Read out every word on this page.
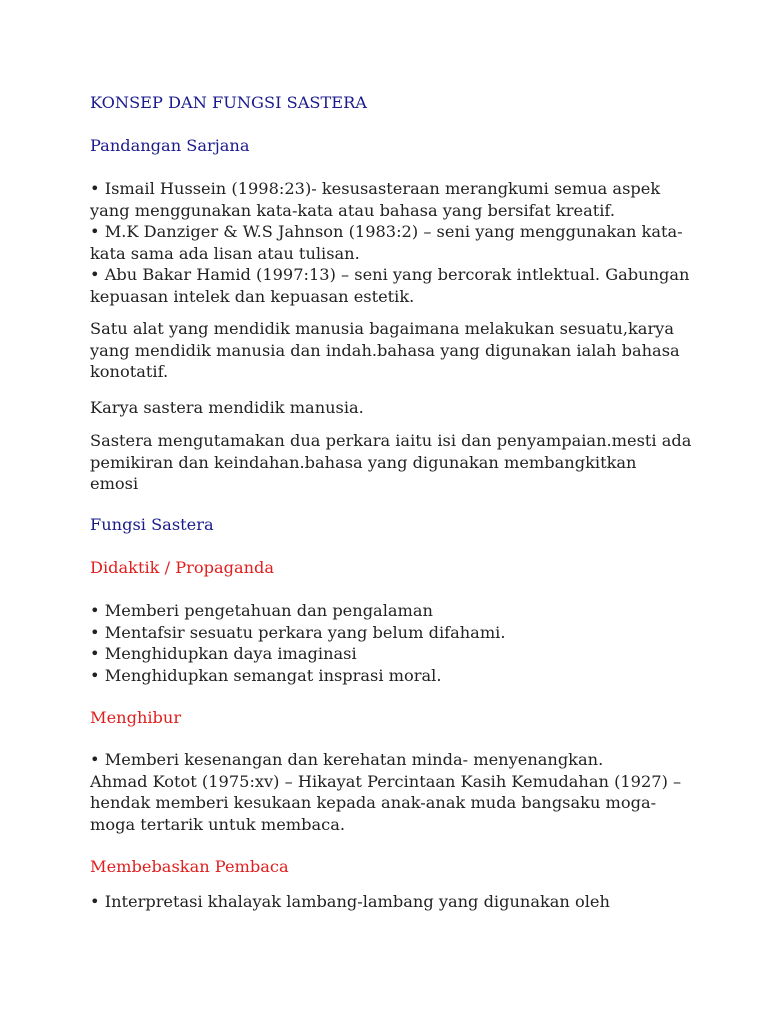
KONSEP DAN FUNGSI SASTERA
Pandangan Sarjana
• Ismail Hussein (1998:23)- kesusasteraan merangkumi semua aspek
yang menggunakan kata-kata atau bahasa yang bersifat kreatif.
• M.K Danziger & W.S Jahnson (1983:2) – seni yang menggunakan kata-
kata sama ada lisan atau tulisan.
• Abu Bakar Hamid (1997:13) – seni yang bercorak intlektual. Gabungan
kepuasan intelek dan kepuasan estetik.
Satu alat yang mendidik manusia bagaimana melakukan sesuatu,karya
yang mendidik manusia dan indah.bahasa yang digunakan ialah bahasa
konotatif.
Karya sastera mendidik manusia.
Sastera mengutamakan dua perkara iaitu isi dan penyampaian.mesti ada
pemikiran dan keindahan.bahasa yang digunakan membangkitkan
emosi
Fungsi Sastera
Didaktik / Propaganda
• Memberi pengetahuan dan pengalaman
• Mentafsir sesuatu perkara yang belum difahami.
• Menghidupkan daya imaginasi
• Menghidupkan semangat insprasi moral.
Menghibur
• Memberi kesenangan dan kerehatan minda- menyenangkan.
Ahmad Kotot (1975:xv) – Hikayat Percintaan Kasih Kemudahan (1927) –
hendak memberi kesukaan kepada anak-anak muda bangsaku moga-
moga tertarik untuk membaca.
Membebaskan Pembaca
• Interpretasi khalayak lambang-lambang yang digunakan oleh
